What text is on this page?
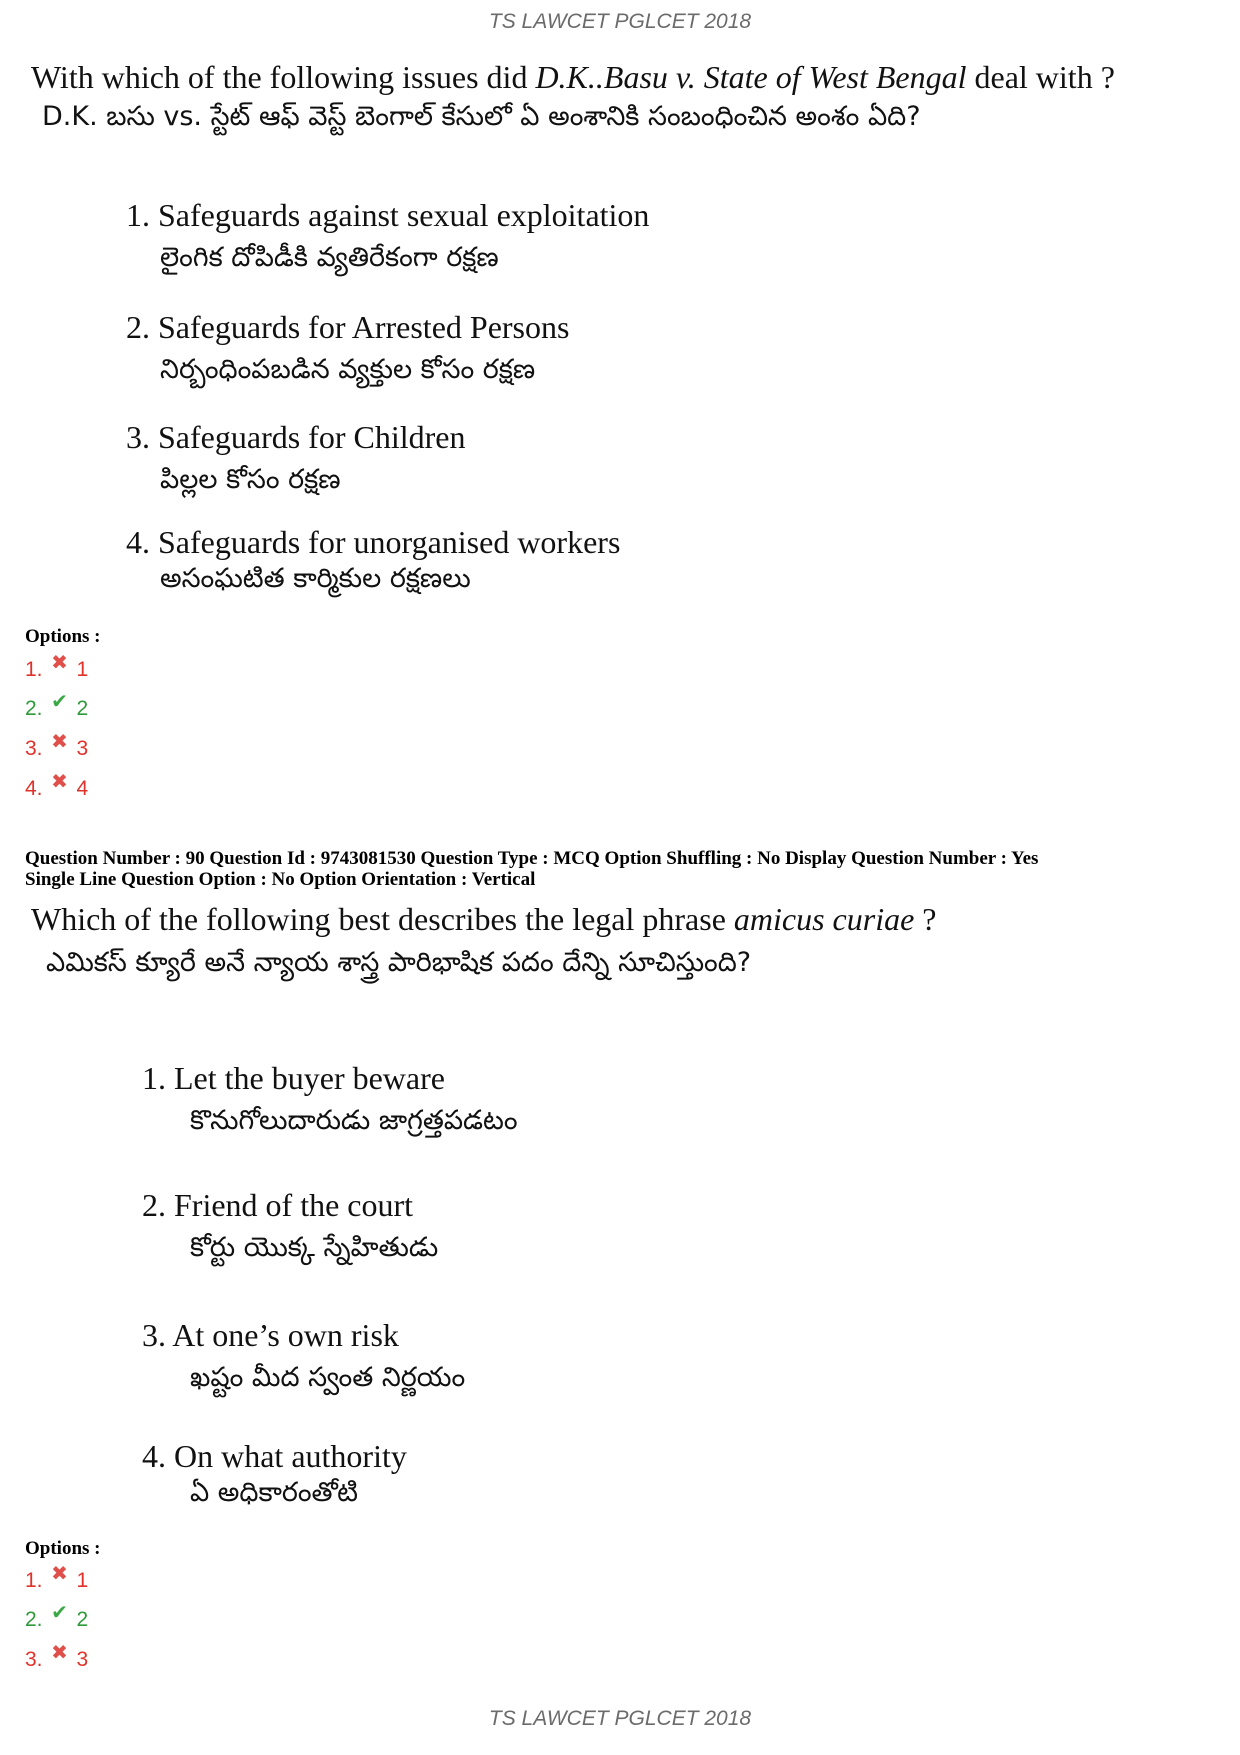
TS LAWCET PGLCET 2018
With which of the following issues did D.K..Basu v. State of West Bengal deal with ?
D.K. బసు vs. స్టేట్ ఆఫ్ వెస్ట్ బెంగాల్ కేసులో ఏ అంశానికి సంబంధించిన అంశం ఏది?
1. Safeguards against sexual exploitation
లైంగిక దోపిడీకి వ్యతిరేకంగా రక్షణ
2. Safeguards for Arrested Persons
నిర్బంధింపబడిన వ్యక్తుల కోసం రక్షణ
3. Safeguards for Children
పిల్లల కోసం రక్షణ
4. Safeguards for unorganised workers
అసంఘటిత కార్మికుల రక్షణలు
Options :
1. ✖ 1
2. ✔ 2
3. ✖ 3
4. ✖ 4
Question Number : 90 Question Id : 9743081530 Question Type : MCQ Option Shuffling : No Display Question Number : Yes
Single Line Question Option : No Option Orientation : Vertical
Which of the following best describes the legal phrase amicus curiae ?
ఎమికస్ క్యూరే అనే న్యాయ శాస్త్ర పారిభాషిక పదం దేన్ని సూచిస్తుంది?
1. Let the buyer beware
కొనుగోలుదారుడు జాగ్రత్తపడటం
2. Friend of the court
కోర్టు యొక్క స్నేహితుడు
3. At one’s own risk
ఖష్టం మీద స్వంత నిర్ణయం
4. On what authority
ఏ అధికారంతోటి
Options :
1. ✖ 1
2. ✔ 2
3. ✖ 3
TS LAWCET PGLCET 2018
